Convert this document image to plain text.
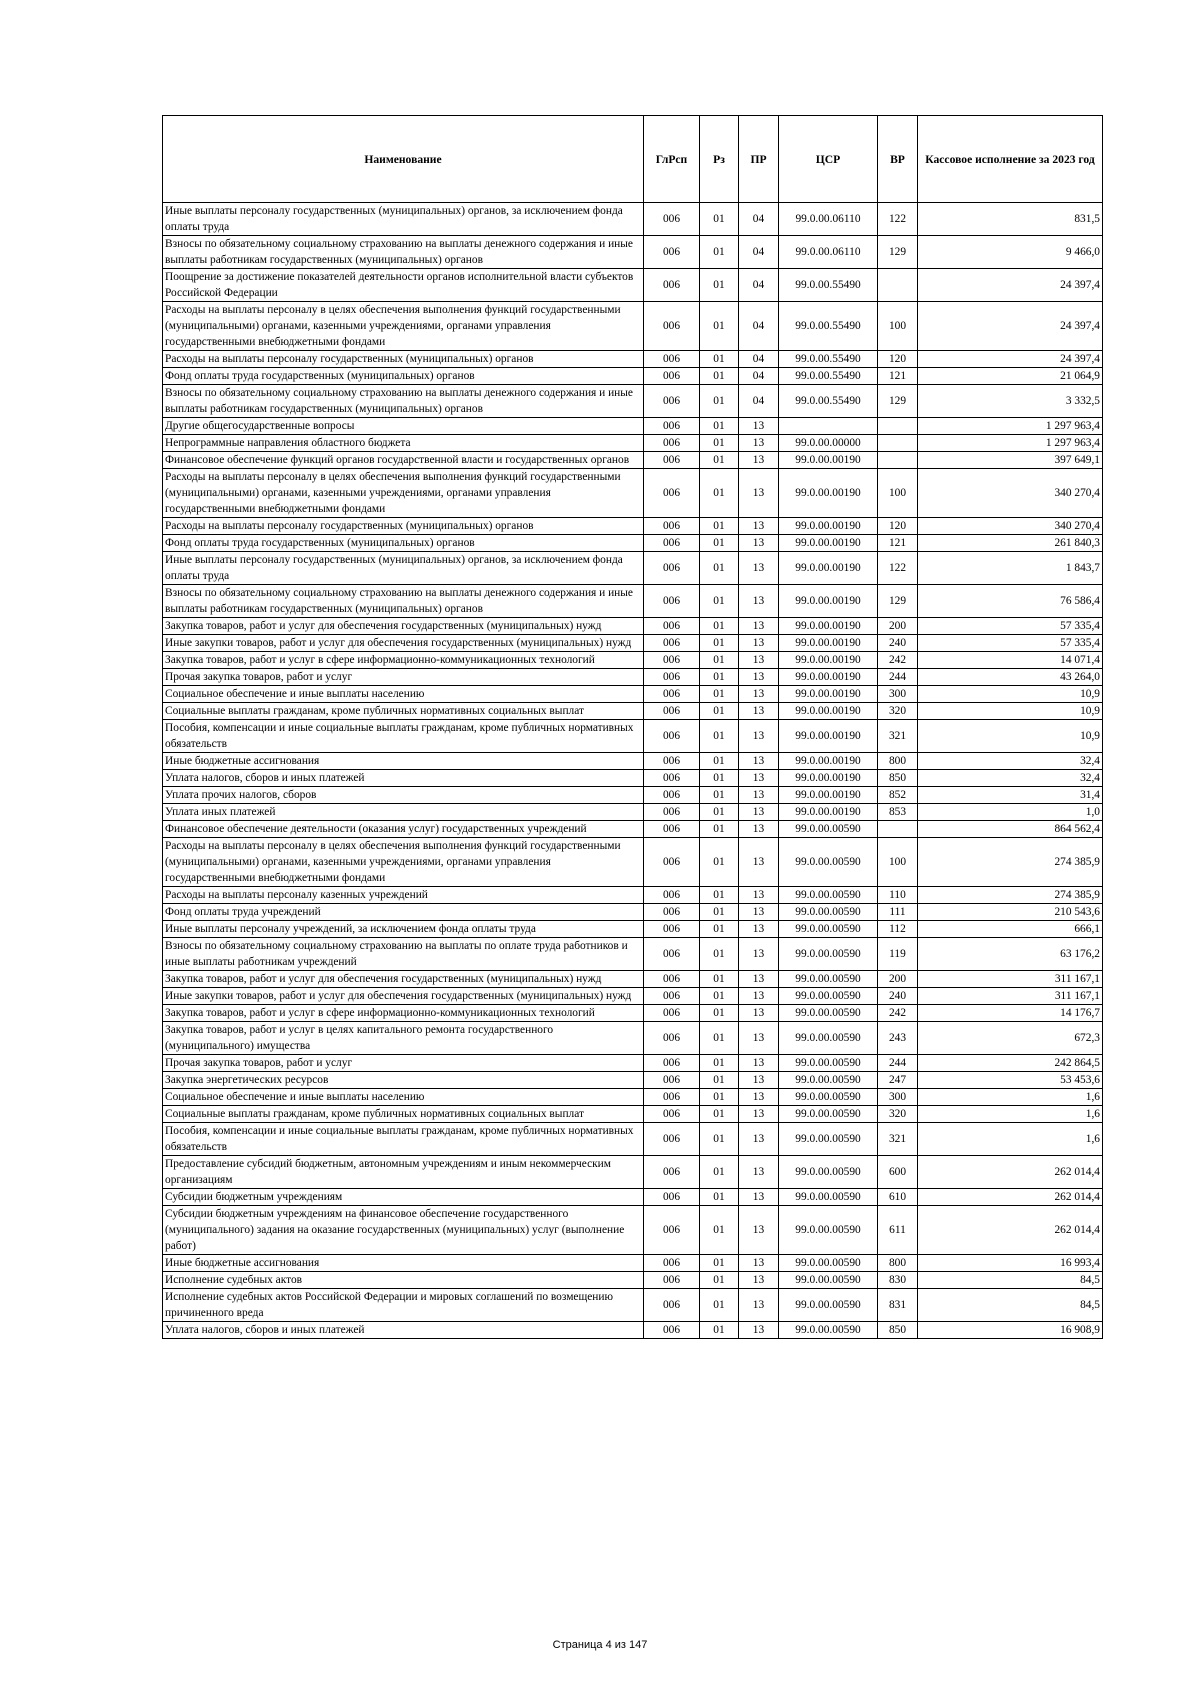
Наименование	ГлРсп	Рз	ПР	ЦСР	ВР	Кассовое исполнение за 2023 год
Иные выплаты персоналу государственных (муниципальных) органов, за исключением фонда оплаты труда	006	01	04	99.0.00.06110	122	831,5
Взносы по обязательному социальному страхованию на выплаты денежного содержания и иные выплаты работникам государственных (муниципальных) органов	006	01	04	99.0.00.06110	129	9 466,0
Поощрение за достижение показателей деятельности органов исполнительной власти субъектов Российской Федерации	006	01	04	99.0.00.55490		24 397,4
Расходы на выплаты персоналу в целях обеспечения выполнения функций государственными (муниципальными) органами, казенными учреждениями, органами управления государственными внебюджетными фондами	006	01	04	99.0.00.55490	100	24 397,4
Расходы на выплаты персоналу государственных (муниципальных) органов	006	01	04	99.0.00.55490	120	24 397,4
Фонд оплаты труда государственных (муниципальных) органов	006	01	04	99.0.00.55490	121	21 064,9
Взносы по обязательному социальному страхованию на выплаты денежного содержания и иные выплаты работникам государственных (муниципальных) органов	006	01	04	99.0.00.55490	129	3 332,5
Другие общегосударственные вопросы	006	01	13			1 297 963,4
Непрограммные направления областного бюджета	006	01	13	99.0.00.00000		1 297 963,4
Финансовое обеспечение функций органов государственной власти и государственных органов	006	01	13	99.0.00.00190		397 649,1
Расходы на выплаты персоналу в целях обеспечения выполнения функций государственными (муниципальными) органами, казенными учреждениями, органами управления государственными внебюджетными фондами	006	01	13	99.0.00.00190	100	340 270,4
Расходы на выплаты персоналу государственных (муниципальных) органов	006	01	13	99.0.00.00190	120	340 270,4
Фонд оплаты труда государственных (муниципальных) органов	006	01	13	99.0.00.00190	121	261 840,3
Иные выплаты персоналу государственных (муниципальных) органов, за исключением фонда оплаты труда	006	01	13	99.0.00.00190	122	1 843,7
Взносы по обязательному социальному страхованию на выплаты денежного содержания и иные выплаты работникам государственных (муниципальных) органов	006	01	13	99.0.00.00190	129	76 586,4
Закупка товаров, работ и услуг для обеспечения государственных (муниципальных) нужд	006	01	13	99.0.00.00190	200	57 335,4
Иные закупки товаров, работ и услуг для обеспечения государственных (муниципальных) нужд	006	01	13	99.0.00.00190	240	57 335,4
Закупка товаров, работ и услуг в сфере информационно-коммуникационных технологий	006	01	13	99.0.00.00190	242	14 071,4
Прочая закупка товаров, работ и услуг	006	01	13	99.0.00.00190	244	43 264,0
Социальное обеспечение и иные выплаты населению	006	01	13	99.0.00.00190	300	10,9
Социальные выплаты гражданам, кроме публичных нормативных социальных выплат	006	01	13	99.0.00.00190	320	10,9
Пособия, компенсации и иные социальные выплаты гражданам, кроме публичных нормативных обязательств	006	01	13	99.0.00.00190	321	10,9
Иные бюджетные ассигнования	006	01	13	99.0.00.00190	800	32,4
Уплата налогов, сборов и иных платежей	006	01	13	99.0.00.00190	850	32,4
Уплата прочих налогов, сборов	006	01	13	99.0.00.00190	852	31,4
Уплата иных платежей	006	01	13	99.0.00.00190	853	1,0
Финансовое обеспечение деятельности (оказания услуг) государственных учреждений	006	01	13	99.0.00.00590		864 562,4
Расходы на выплаты персоналу в целях обеспечения выполнения функций государственными (муниципальными) органами, казенными учреждениями, органами управления государственными внебюджетными фондами	006	01	13	99.0.00.00590	100	274 385,9
Расходы на выплаты персоналу казенных учреждений	006	01	13	99.0.00.00590	110	274 385,9
Фонд оплаты труда учреждений	006	01	13	99.0.00.00590	111	210 543,6
Иные выплаты персоналу учреждений, за исключением фонда оплаты труда	006	01	13	99.0.00.00590	112	666,1
Взносы по обязательному социальному страхованию на выплаты по оплате труда работников и иные выплаты работникам учреждений	006	01	13	99.0.00.00590	119	63 176,2
Закупка товаров, работ и услуг для обеспечения государственных (муниципальных) нужд	006	01	13	99.0.00.00590	200	311 167,1
Иные закупки товаров, работ и услуг для обеспечения государственных (муниципальных) нужд	006	01	13	99.0.00.00590	240	311 167,1
Закупка товаров, работ и услуг в сфере информационно-коммуникационных технологий	006	01	13	99.0.00.00590	242	14 176,7
Закупка товаров, работ и услуг в целях капитального ремонта государственного (муниципального) имущества	006	01	13	99.0.00.00590	243	672,3
Прочая закупка товаров, работ и услуг	006	01	13	99.0.00.00590	244	242 864,5
Закупка энергетических ресурсов	006	01	13	99.0.00.00590	247	53 453,6
Социальное обеспечение и иные выплаты населению	006	01	13	99.0.00.00590	300	1,6
Социальные выплаты гражданам, кроме публичных нормативных социальных выплат	006	01	13	99.0.00.00590	320	1,6
Пособия, компенсации и иные социальные выплаты гражданам, кроме публичных нормативных обязательств	006	01	13	99.0.00.00590	321	1,6
Предоставление субсидий бюджетным, автономным учреждениям и иным некоммерческим организациям	006	01	13	99.0.00.00590	600	262 014,4
Субсидии бюджетным учреждениям	006	01	13	99.0.00.00590	610	262 014,4
Субсидии бюджетным учреждениям на финансовое обеспечение государственного (муниципального) задания на оказание государственных (муниципальных) услуг (выполнение работ)	006	01	13	99.0.00.00590	611	262 014,4
Иные бюджетные ассигнования	006	01	13	99.0.00.00590	800	16 993,4
Исполнение судебных актов	006	01	13	99.0.00.00590	830	84,5
Исполнение судебных актов Российской Федерации и мировых соглашений по возмещению причиненного вреда	006	01	13	99.0.00.00590	831	84,5
Уплата налогов, сборов и иных платежей	006	01	13	99.0.00.00590	850	16 908,9
Страница 4 из 147
